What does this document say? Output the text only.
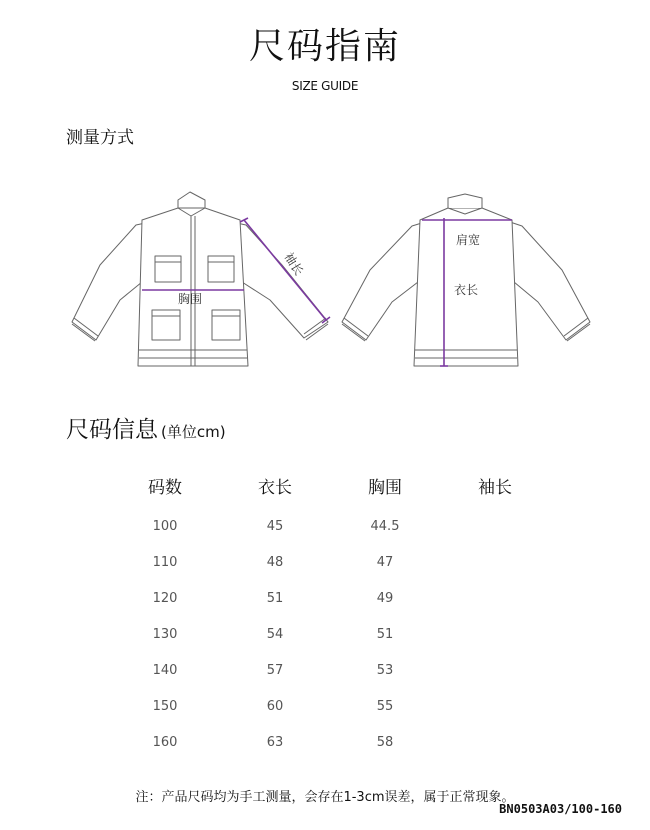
尺码指南
SIZE GUIDE
测量方式
胸围
袖长
肩宽
衣长
尺码信息 (单位cm)
码数	衣长	胸围	袖长
100	45	44.5
110	48	47
120	51	49
130	54	51
140	57	53
150	60	55
160	63	58
注：产品尺码均为手工测量，会存在1-3cm误差，属于正常现象。
BN0503A03/100-160
